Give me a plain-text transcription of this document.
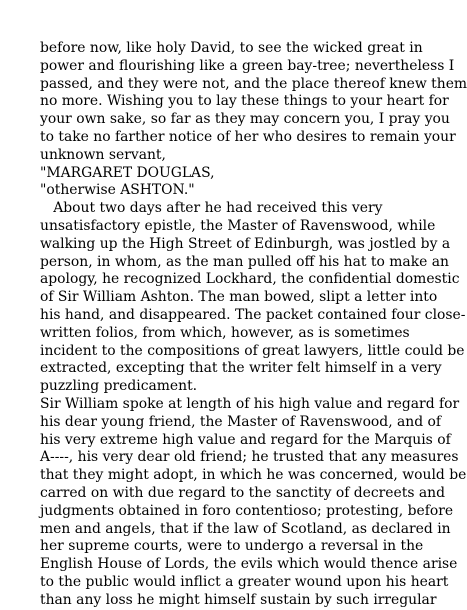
before now, like holy David, to see the wicked great in
power and flourishing like a green bay-tree; nevertheless I
passed, and they were not, and the place thereof knew them
no more. Wishing you to lay these things to your heart for
your own sake, so far as they may concern you, I pray you
to take no farther notice of her who desires to remain your
unknown servant,
"MARGARET DOUGLAS,
"otherwise ASHTON."
About two days after he had received this very
unsatisfactory epistle, the Master of Ravenswood, while
walking up the High Street of Edinburgh, was jostled by a
person, in whom, as the man pulled off his hat to make an
apology, he recognized Lockhard, the confidential domestic
of Sir William Ashton. The man bowed, slipt a letter into
his hand, and disappeared. The packet contained four close-
written folios, from which, however, as is sometimes
incident to the compositions of great lawyers, little could be
extracted, excepting that the writer felt himself in a very
puzzling predicament.
Sir William spoke at length of his high value and regard for
his dear young friend, the Master of Ravenswood, and of
his very extreme high value and regard for the Marquis of
A----, his very dear old friend; he trusted that any measures
that they might adopt, in which he was concerned, would be
carred on with due regard to the sanctity of decreets and
judgments obtained in foro contentioso; protesting, before
men and angels, that if the law of Scotland, as declared in
her supreme courts, were to undergo a reversal in the
English House of Lords, the evils which would thence arise
to the public would inflict a greater wound upon his heart
than any loss he might himself sustain by such irregular
